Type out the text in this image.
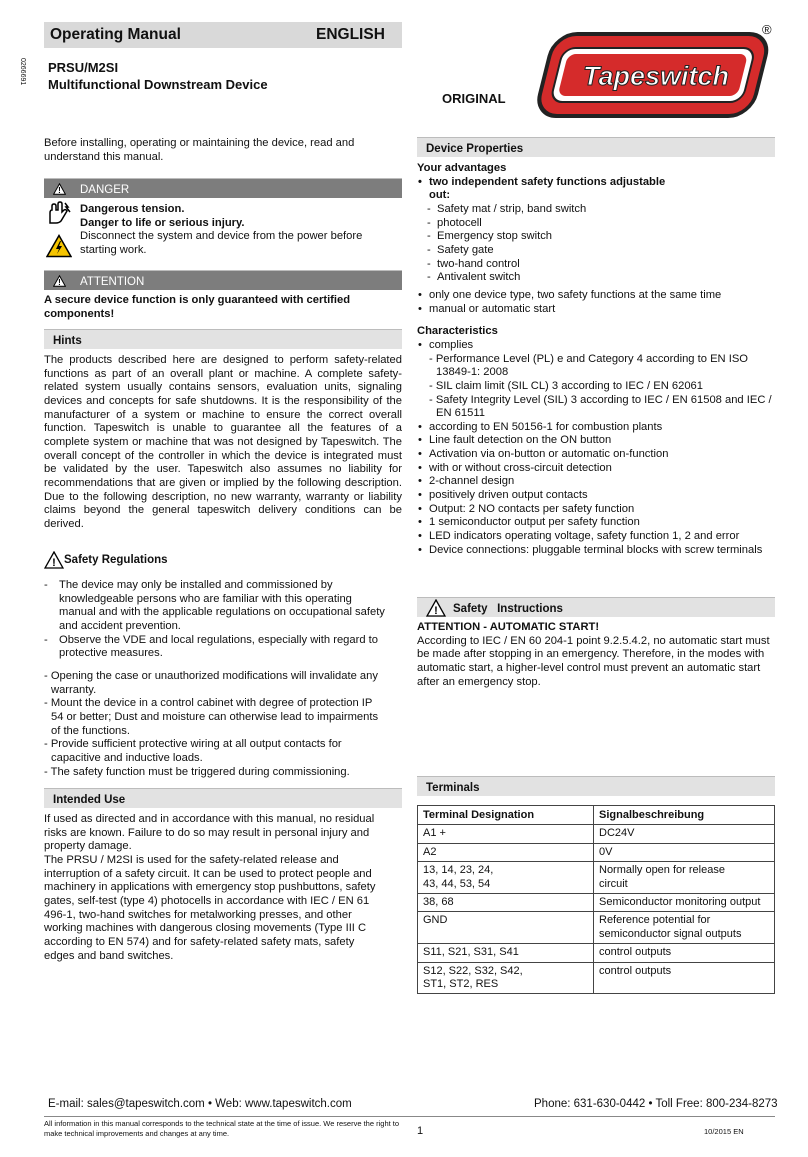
Operating Manual	ENGLISH
0266691 PRSU/M2SI
Multifunctional Downstream Device
ORIGINAL
Tapeswitch
®

Before installing, operating or maintaining the device, read and understand this manual.

! DANGER

Dangerous tension.

Danger to life or serious injury.

Disconnect the system and device from the power before starting work.

! ATTENTION

A secure device function is only guaranteed with certified components!

Hints

The products described here are designed to perform safety-related functions as part of an overall plant or machine. A complete safety-related system usually contains sensors, evaluation units, signaling devices and concepts for safe shutdowns. It is the responsibility of the manufacturer of a system or machine to ensure the correct overall function. Tapeswitch is unable to guarantee all the features of a complete system or machine that was not designed by Tapeswitch. The overall concept of the controller in which the device is integrated must be validated by the user. Tapeswitch also assumes no liability for recommendations that are given or implied by the following description. Due to the following description, no new warranty, warranty or liability claims beyond the general tapeswitch delivery conditions can be derived.

! Safety Regulations
- The device may only be installed and commissioned by knowledgeable persons who are familiar with this operating manual and with the applicable regulations on occupational safety and accident prevention.
- Observe the VDE and local regulations, especially with regard to protective measures.

- Opening the case or unauthorized modifications will invalidate any warranty.

- Mount the device in a control cabinet with degree of protection IP 54 or better; Dust and moisture can otherwise lead to impairments of the functions.

- Provide sufficient protective wiring at all output contacts for capacitive and inductive loads.

- The safety function must be triggered during commissioning.

Intended Use

If used as directed and in accordance with this manual, no residual risks are known. Failure to do so may result in personal injury and property damage.

The PRSU / M2SI is used for the safety-related release and interruption of a safety circuit. It can be used to protect people and machinery in applications with emergency stop pushbuttons, safety gates, self-test (type 4) photocells in accordance with IEC / EN 61 496-1, two-hand switches for metalworking presses, and other working machines with dangerous closing movements (Type III C according to EN 574) and for safety-related safety mats, safety edges and band switches.

Device Properties

Your advantages

• two independent safety functions adjustable out:
- Safety mat / strip, band switch
- photocell
- Emergency stop switch
- Safety gate
- two-hand control
- Antivalent switch
• only one device type, two safety functions at the same time
• manual or automatic start

Characteristics

• complies

- Performance Level (PL) e and Category 4 according to EN ISO 13849-1: 2008

- SIL claim limit (SIL CL) 3 according to IEC / EN 62061

- Safety Integrity Level (SIL) 3 according to IEC / EN 61508 and IEC / EN 61511

• according to EN 50156-1 for combustion plants
• Line fault detection on the ON button
• Activation via on-button or automatic on-function
• with or without cross-circuit detection
• 2-channel design
• positively driven output contacts
• Output: 2 NO contacts per safety function
• 1 semiconductor output per safety function
• LED indicators operating voltage, safety function 1, 2 and error
• Device connections: pluggable terminal blocks with screw terminals
! Safety   Instructions

ATTENTION - AUTOMATIC START!

According to IEC / EN 60 204-1 point 9.2.5.4.2, no automatic start must be made after stopping in an emergency. Therefore, in the modes with automatic start, a higher-level control must prevent an automatic start after an emergency stop.

Terminals
Terminal Designation	Signalbeschreibung
A1 +	DC24V
A2	0V
13, 14, 23, 24,
43, 44, 53, 54	Normally open for release
circuit
38, 68	Semiconductor monitoring output
GND	Reference potential for
semiconductor signal outputs
S11, S21, S31, S41	control outputs
S12, S22, S32, S42,
ST1, ST2, RES	control outputs
E-mail: sales@tapeswitch.com • Web: www.tapeswitch.com	Phone: 631-630-0442 • Toll Free: 800-234-8273
All information in this manual corresponds to the technical state at the time of issue. We reserve the right to make technical improvements and changes at any time.	1	10/2015 EN
